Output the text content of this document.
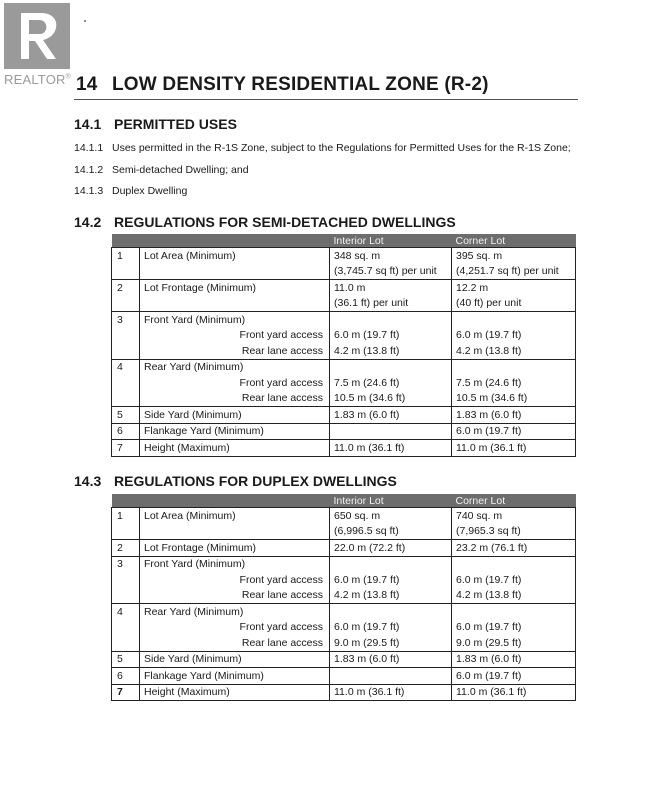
REALTOR® 14 LOW DENSITY RESIDENTIAL ZONE (R-2)
14.1 PERMITTED USES
14.1.1 Uses permitted in the R-1S Zone, subject to the Regulations for Permitted Uses for the R-1S Zone;
14.1.2 Semi-detached Dwelling; and
14.1.3 Duplex Dwelling
14.2 REGULATIONS FOR SEMI-DETACHED DWELLINGS
		Interior Lot	Corner Lot
1	Lot Area (Minimum)	348 sq. m	395 sq. m
		(3,745.7 sq ft) per unit	(4,251.7 sq ft) per unit
2	Lot Frontage (Minimum)	11.0 m	12.2 m
		(36.1 ft) per unit	(40 ft) per unit
3	Front Yard (Minimum)		
	Front yard access	6.0 m (19.7 ft)	6.0 m (19.7 ft)
	Rear lane access	4.2 m (13.8 ft)	4.2 m (13.8 ft)
4	Rear Yard (Minimum)		
	Front yard access	7.5 m (24.6 ft)	7.5 m (24.6 ft)
	Rear lane access	10.5 m (34.6 ft)	10.5 m (34.6 ft)
5	Side Yard (Minimum)	1.83 m (6.0 ft)	1.83 m (6.0 ft)
6	Flankage Yard (Minimum)		6.0 m (19.7 ft)
7	Height (Maximum)	11.0 m (36.1 ft)	11.0 m (36.1 ft)
14.3 REGULATIONS FOR DUPLEX DWELLINGS
		Interior Lot	Corner Lot
1	Lot Area (Minimum)	650 sq. m	740 sq. m
		(6,996.5 sq ft)	(7,965.3 sq ft)
2	Lot Frontage (Minimum)	22.0 m (72.2 ft)	23.2 m (76.1 ft)
3	Front Yard (Minimum)		
	Front yard access	6.0 m (19.7 ft)	6.0 m (19.7 ft)
	Rear lane access	4.2 m (13.8 ft)	4.2 m (13.8 ft)
4	Rear Yard (Minimum)		
	Front yard access	6.0 m (19.7 ft)	6.0 m (19.7 ft)
	Rear lane access	9.0 m (29.5 ft)	9.0 m (29.5 ft)
5	Side Yard (Minimum)	1.83 m (6.0 ft)	1.83 m (6.0 ft)
6	Flankage Yard (Minimum)		6.0 m (19.7 ft)
7	Height (Maximum)	11.0 m (36.1 ft)	11.0 m (36.1 ft)
